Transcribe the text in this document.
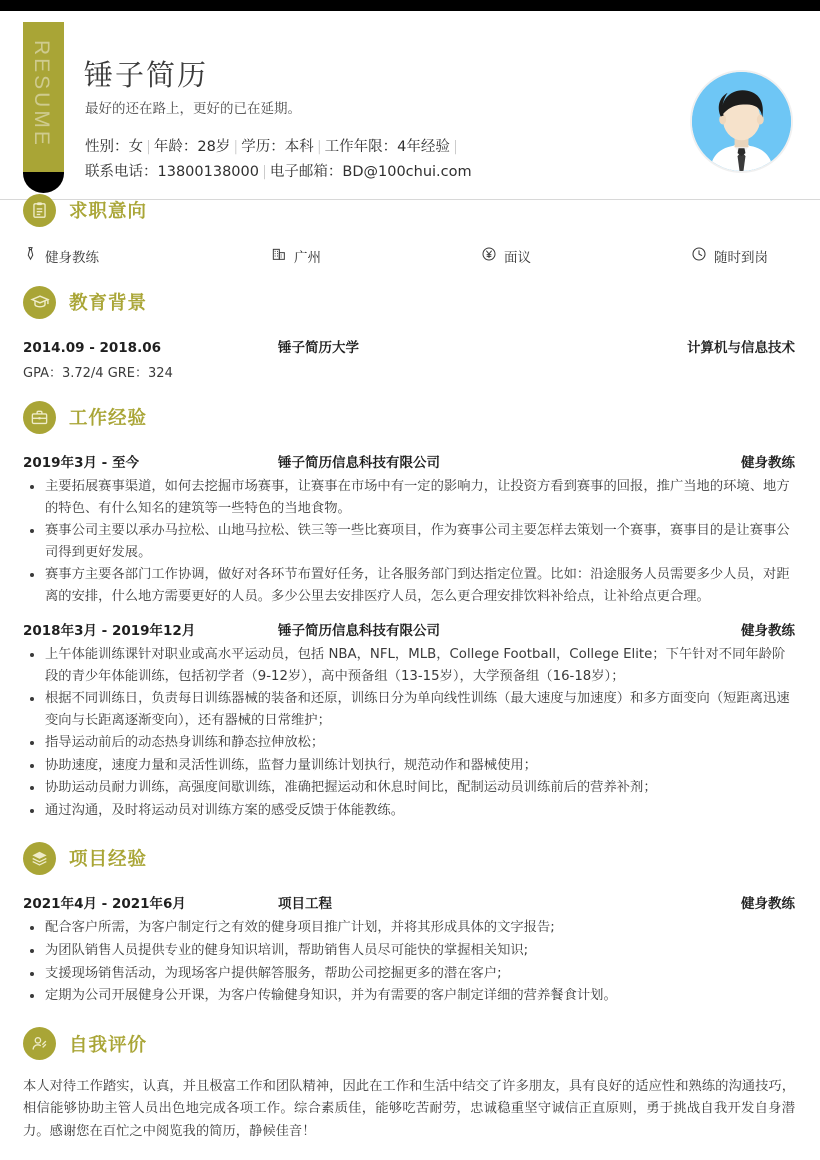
RESUME 锤子简历
最好的还在路上，更好的已在延期。
性别：女 | 年龄：28岁 | 学历：本科 | 工作年限：4年经验 |
联系电话：13800138000 | 电子邮箱：BD@100chui.com
求职意向
健身教练	广州	面议	随时到岗
教育背景
2014.09 - 2018.06	锤子简历大学	计算机与信息技术
GPA：3.72/4 GRE：324
工作经验
2019年3月 - 至今	锤子简历信息科技有限公司	健身教练
主要拓展赛事渠道，如何去挖掘市场赛事，让赛事在市场中有一定的影响力，让投资方看到赛事的回报，推广当地的环境、地方的特色、有什么知名的建筑等一些特色的当地食物。
赛事公司主要以承办马拉松、山地马拉松、铁三等一些比赛项目，作为赛事公司主要怎样去策划一个赛事，赛事目的是让赛事公司得到更好发展。
赛事方主要各部门工作协调，做好对各环节布置好任务，让各服务部门到达指定位置。比如：沿途服务人员需要多少人员，对距离的安排，什么地方需要更好的人员。多少公里去安排医疗人员，怎么更合理安排饮料补给点，让补给点更合理。
2018年3月 - 2019年12月	锤子简历信息科技有限公司	健身教练
上午体能训练课针对职业或高水平运动员，包括 NBA，NFL，MLB，College Football，College Elite；下午针对不同年龄阶段的青少年体能训练，包括初学者（9-12岁），高中预备组（13-15岁），大学预备组（16-18岁）；
根据不同训练日，负责每日训练器械的装备和还原，训练日分为单向线性训练（最大速度与加速度）和多方面变向（短距离迅速变向与长距离逐渐变向），还有器械的日常维护；
指导运动前后的动态热身训练和静态拉伸放松；
协助速度，速度力量和灵活性训练，监督力量训练计划执行，规范动作和器械使用；
协助运动员耐力训练，高强度间歇训练，准确把握运动和休息时间比，配制运动员训练前后的营养补剂；
通过沟通，及时将运动员对训练方案的感受反馈于体能教练。
项目经验
2021年4月 - 2021年6月	项目工程	健身教练
配合客户所需，为客户制定行之有效的健身项目推广计划，并将其形成具体的文字报告;
为团队销售人员提供专业的健身知识培训，帮助销售人员尽可能快的掌握相关知识;
支援现场销售活动，为现场客户提供解答服务，帮助公司挖掘更多的潜在客户;
定期为公司开展健身公开课，为客户传输健身知识，并为有需要的客户制定详细的营养餐食计划。
自我评价
本人对待工作踏实，认真，并且极富工作和团队精神，因此在工作和生活中结交了许多朋友，具有良好的适应性和熟练的沟通技巧，相信能够协助主管人员出色地完成各项工作。综合素质佳，能够吃苦耐劳，忠诚稳重坚守诚信正直原则，勇于挑战自我开发自身潜力。感谢您在百忙之中阅览我的简历，静候佳音！
